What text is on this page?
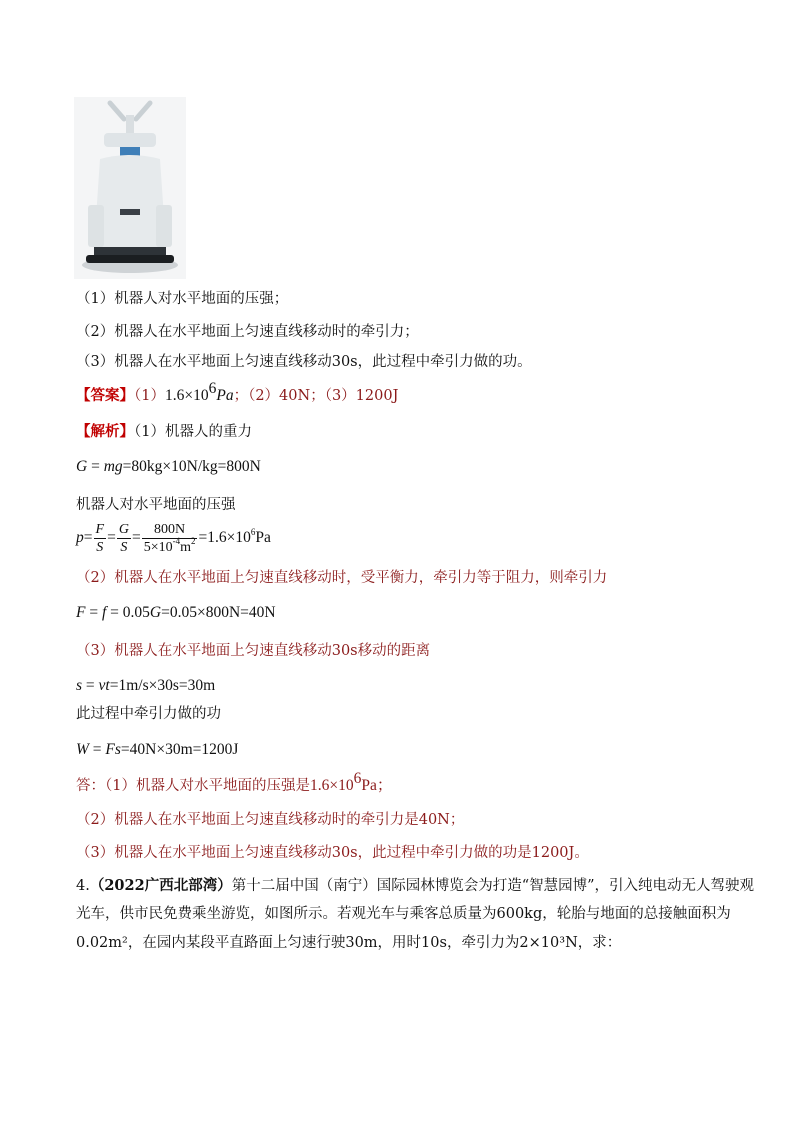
（1）机器人对水平地面的压强；
（2）机器人在水平地面上匀速直线移动时的牵引力；
（3）机器人在水平地面上匀速直线移动30s，此过程中牵引力做的功。
【答案】$(1)1.6\times 10^6Pa$；（2）40N；（3）1200J
【解析】（1）机器人的重力
G = mg=80kg×10N/kg=800N
机器人对水平地面的压强
$p= \frac{F}{S} = \frac{G}{S} = \frac{800N}{5\times 10^{-4}m^2} =1.6\times 10^6Pa$
（2）机器人在水平地面上匀速直线移动时，受平衡力，牵引力等于阻力，则牵引力
F = f = 0.05G=0.05×800N=40N
（3）机器人在水平地面上匀速直线移动30s移动的距离
s = vt=1m/s×30s=30m
此过程中牵引力做的功
W = Fs=40N×30m=1200J
答：（1）机器人对水平地面的压强是$1.6\times 10^6Pa$；
（2）机器人在水平地面上匀速直线移动时的牵引力是40N；
（3）机器人在水平地面上匀速直线移动30s，此过程中牵引力做的功是1200J。
4.（2022广西北部湾）第十二届中国（南宁）国际园林博览会为打造“智慧园博”，引入纯电动无人驾驶观
光车，供市民免费乘坐游览，如图所示。若观光车与乘客总质量为600kg，轮胎与地面的总接触面积为
0.02m²，在园内某段平直路面上匀速行驶30m，用时10s，牵引力为2×10³N，求：
